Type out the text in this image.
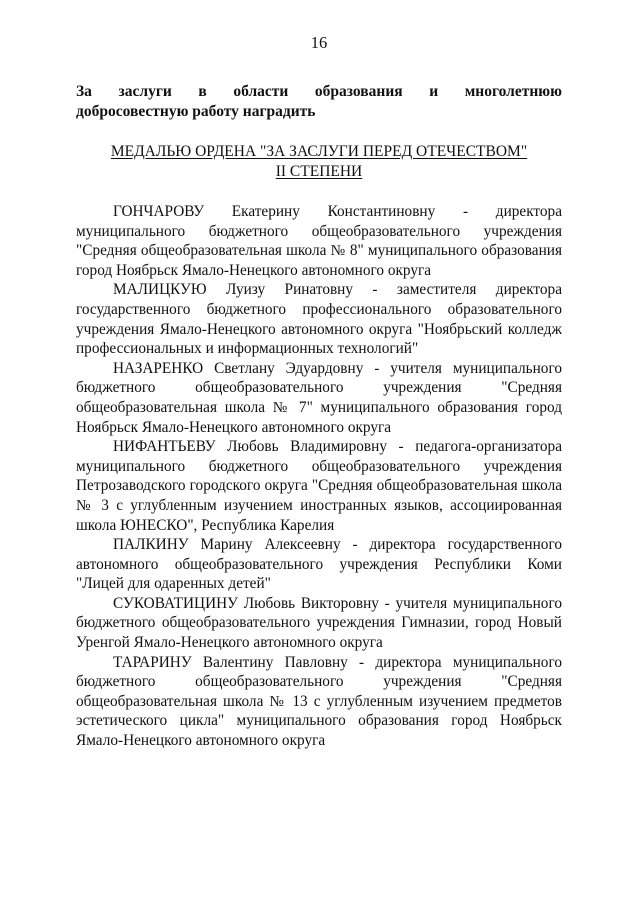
16
За заслуги в области образования и многолетнюю
добросовестную работу наградить
МЕДАЛЬЮ ОРДЕНА "ЗА ЗАСЛУГИ ПЕРЕД ОТЕЧЕСТВОМ"
II СТЕПЕНИ

ГОНЧАРОВУ Екатерину Константиновну - директора муниципального бюджетного общеобразовательного учреждения "Средняя общеобразовательная школа № 8" муниципального образования город Ноябрьск Ямало-Ненецкого автономного округа

МАЛИЦКУЮ Луизу Ринатовну - заместителя директора государственного бюджетного профессионального образовательного учреждения Ямало-Ненецкого автономного округа "Ноябрьский колледж профессиональных и информационных технологий"

НАЗАРЕНКО Светлану Эдуардовну - учителя муниципального бюджетного общеобразовательного учреждения "Средняя общеобразовательная школа № 7" муниципального образования город Ноябрьск Ямало-Ненецкого автономного округа

НИФАНТЬЕВУ Любовь Владимировну - педагога-организатора муниципального бюджетного общеобразовательного учреждения Петрозаводского городского округа "Средняя общеобразовательная школа № 3 с углубленным изучением иностранных языков, ассоциированная школа ЮНЕСКО", Республика Карелия

ПАЛКИНУ Марину Алексеевну - директора государственного автономного общеобразовательного учреждения Республики Коми "Лицей для одаренных детей"

СУКОВАТИЦИНУ Любовь Викторовну - учителя муниципального бюджетного общеобразовательного учреждения Гимназии, город Новый Уренгой Ямало-Ненецкого автономного округа

ТАРАРИНУ Валентину Павловну - директора муниципального бюджетного общеобразовательного учреждения "Средняя общеобразовательная школа № 13 с углубленным изучением предметов эстетического цикла" муниципального образования город Ноябрьск Ямало-Ненецкого автономного округа
